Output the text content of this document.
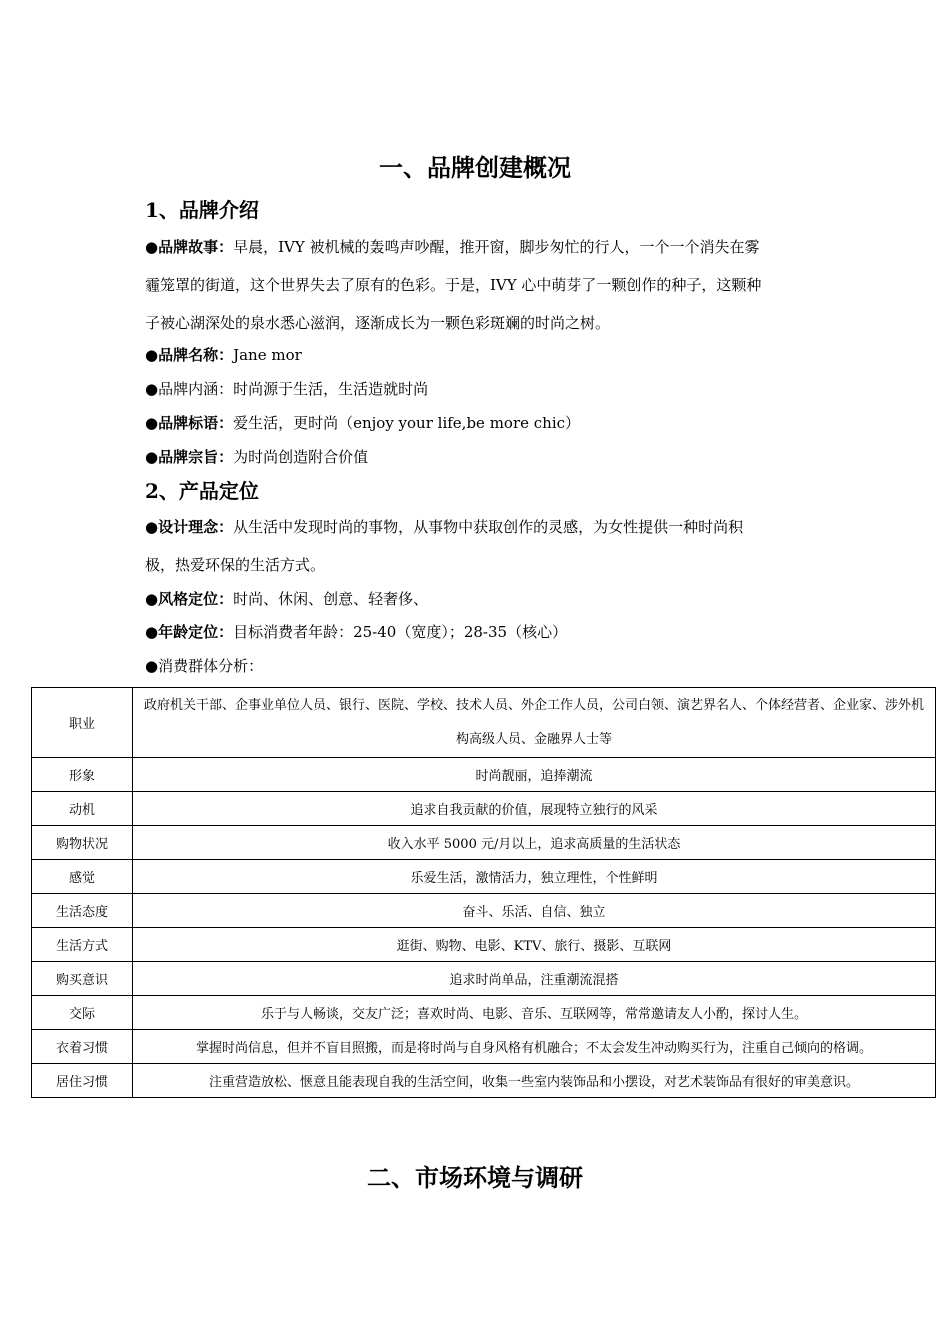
一、品牌创建概况
1、品牌介绍
●品牌故事：早晨，IVY 被机械的轰鸣声吵醒，推开窗，脚步匆忙的行人，一个一个消失在雾
霾笼罩的街道，这个世界失去了原有的色彩。于是，IVY 心中萌芽了一颗创作的种子，这颗种
子被心湖深处的泉水悉心滋润，逐渐成长为一颗色彩斑斓的时尚之树。
●品牌名称：Jane mor
●品牌内涵：时尚源于生活，生活造就时尚
●品牌标语：爱生活，更时尚（enjoy your life,be more chic）
●品牌宗旨：为时尚创造附合价值
2、产品定位
●设计理念：从生活中发现时尚的事物，从事物中获取创作的灵感，为女性提供一种时尚积
极，热爱环保的生活方式。
●风格定位：时尚、休闲、创意、轻奢侈、
●年龄定位：目标消费者年龄：25-40（宽度）；28-35（核心）
●消费群体分析：
职业	政府机关干部、企事业单位人员、银行、医院、学校、技术人员、外企工作人员，公司白领、演艺界名人、个体经营者、企业家、涉外机构高级人员、金融界人士等
形象	时尚靓丽，追捧潮流
动机	追求自我贡献的价值，展现特立独行的风采
购物状况	收入水平 5000 元/月以上，追求高质量的生活状态
感觉	乐爱生活，激情活力，独立理性，个性鲜明
生活态度	奋斗、乐活、自信、独立
生活方式	逛街、购物、电影、KTV、旅行、摄影、互联网
购买意识	追求时尚单品，注重潮流混搭
交际	乐于与人畅谈，交友广泛；喜欢时尚、电影、音乐、互联网等，常常邀请友人小酌，探讨人生。
衣着习惯	掌握时尚信息，但并不盲目照搬，而是将时尚与自身风格有机融合；不太会发生冲动购买行为，注重自己倾向的格调。
居住习惯	注重营造放松、惬意且能表现自我的生活空间，收集一些室内装饰品和小摆设，对艺术装饰品有很好的审美意识。
二、市场环境与调研
